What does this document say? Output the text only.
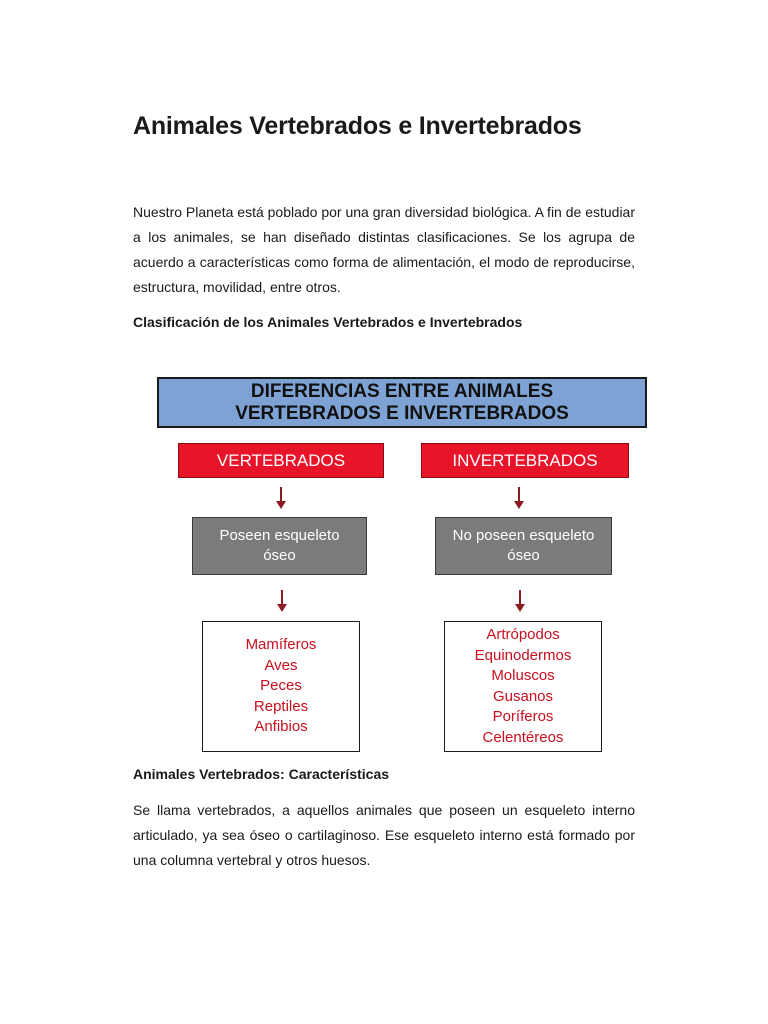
Animales Vertebrados e Invertebrados

Nuestro Planeta está poblado por una gran diversidad biológica. A fin de estudiar a los animales, se han diseñado distintas clasificaciones. Se los agrupa de acuerdo a características como forma de alimentación, el modo de reproducirse, estructura, movilidad, entre otros.

Clasificación de los Animales Vertebrados e Invertebrados
DIFERENCIAS ENTRE ANIMALES
VERTEBRADOS E INVERTEBRADOS
VERTEBRADOS	INVERTEBRADOS
Poseen esqueleto
óseo
No poseen esqueleto
óseo
Mamíferos
Aves
Peces
Reptiles
Anfibios
Artrópodos
Equinodermos
Moluscos
Gusanos
Poríferos
Celentéreos
Animales Vertebrados: Características

Se llama vertebrados, a aquellos animales que poseen un esqueleto interno articulado, ya sea óseo o cartilaginoso. Ese esqueleto interno está formado por una columna vertebral y otros huesos.
